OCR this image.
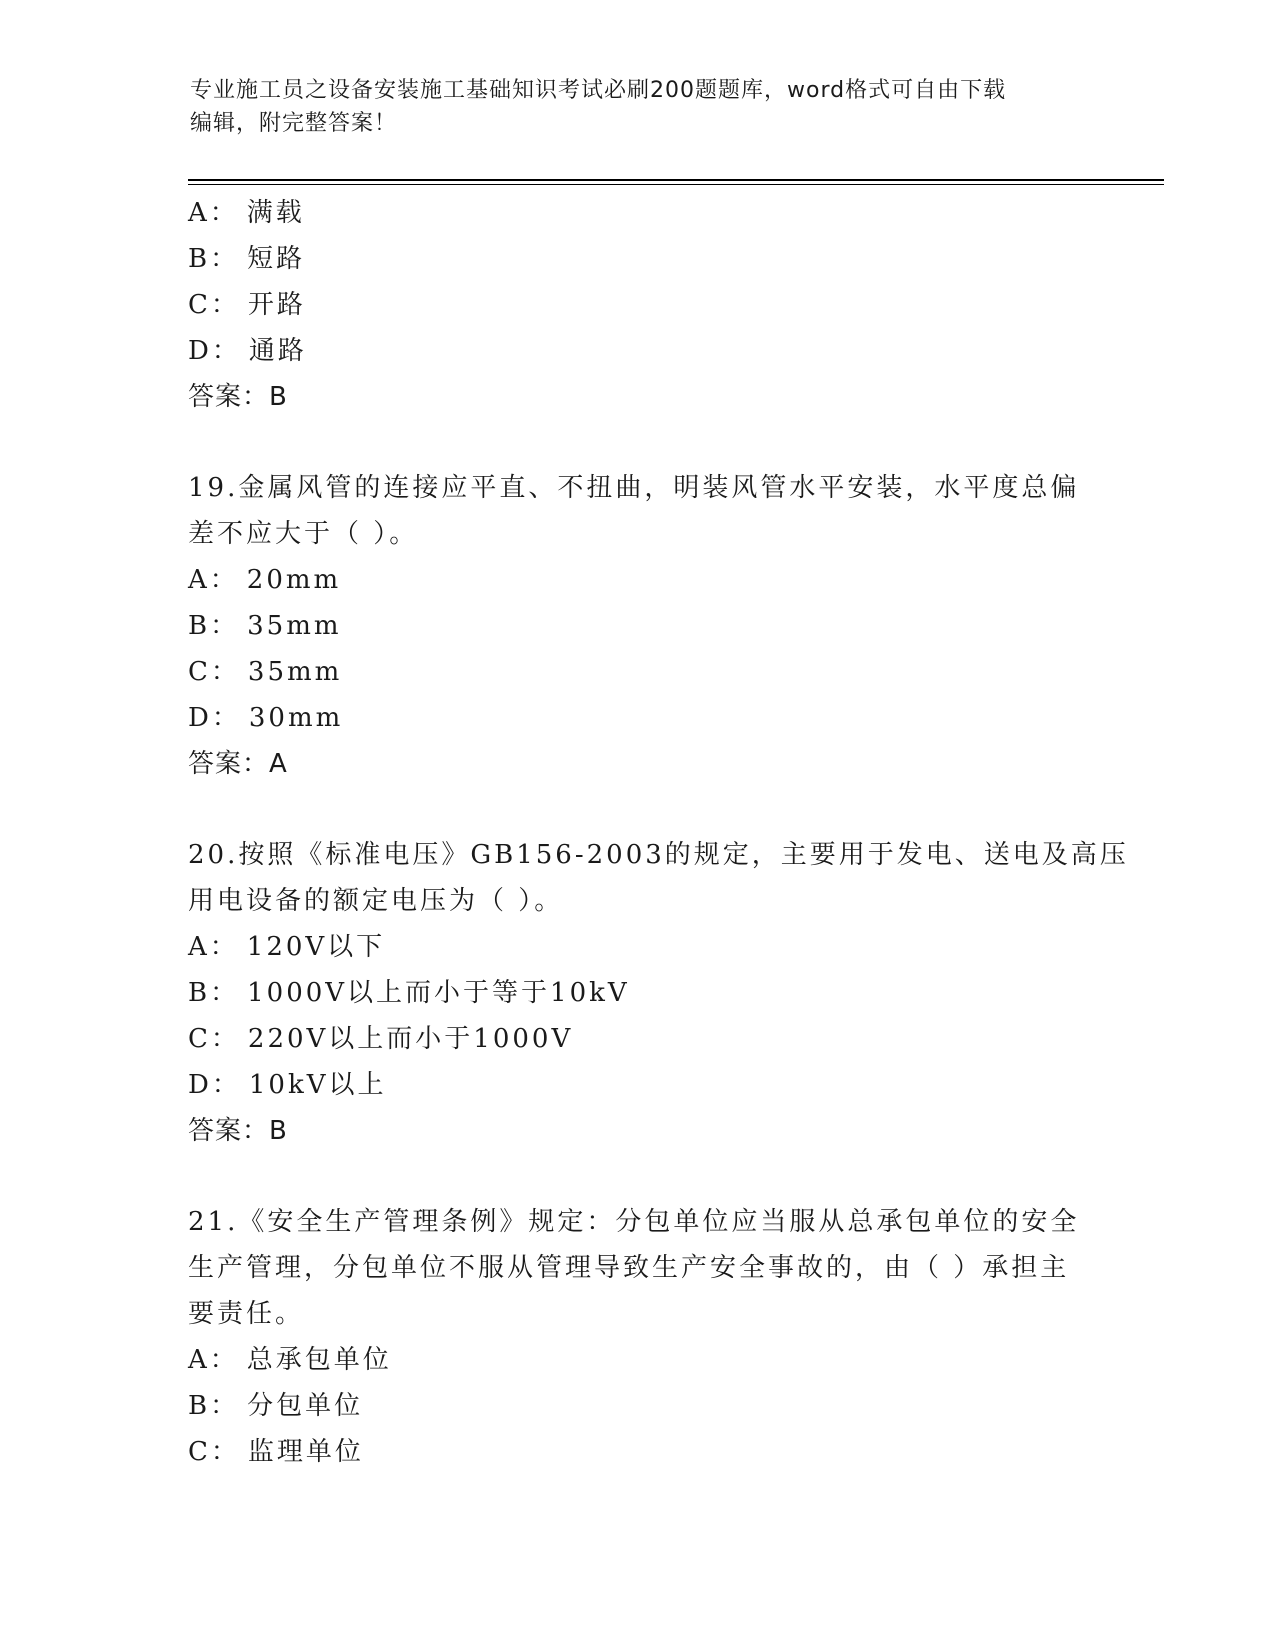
专业施工员之设备安装施工基础知识考试必刷200题题库，word格式可自由下载
编辑，附完整答案！
A： 满载
B： 短路
C： 开路
D： 通路
答案：B
19.金属风管的连接应平直、不扭曲，明装风管水平安装，水平度总偏
差不应大于（ ）。
A： 20mm
B： 35mm
C： 35mm
D： 30mm
答案：A
20.按照《标准电压》GB156-2003的规定，主要用于发电、送电及高压
用电设备的额定电压为（ ）。
A： 120V以下
B： 1000V以上而小于等于10kV
C： 220V以上而小于1000V
D： 10kV以上
答案：B
21.《安全生产管理条例》规定：分包单位应当服从总承包单位的安全
生产管理，分包单位不服从管理导致生产安全事故的，由（ ）承担主
要责任。
A： 总承包单位
B： 分包单位
C： 监理单位
